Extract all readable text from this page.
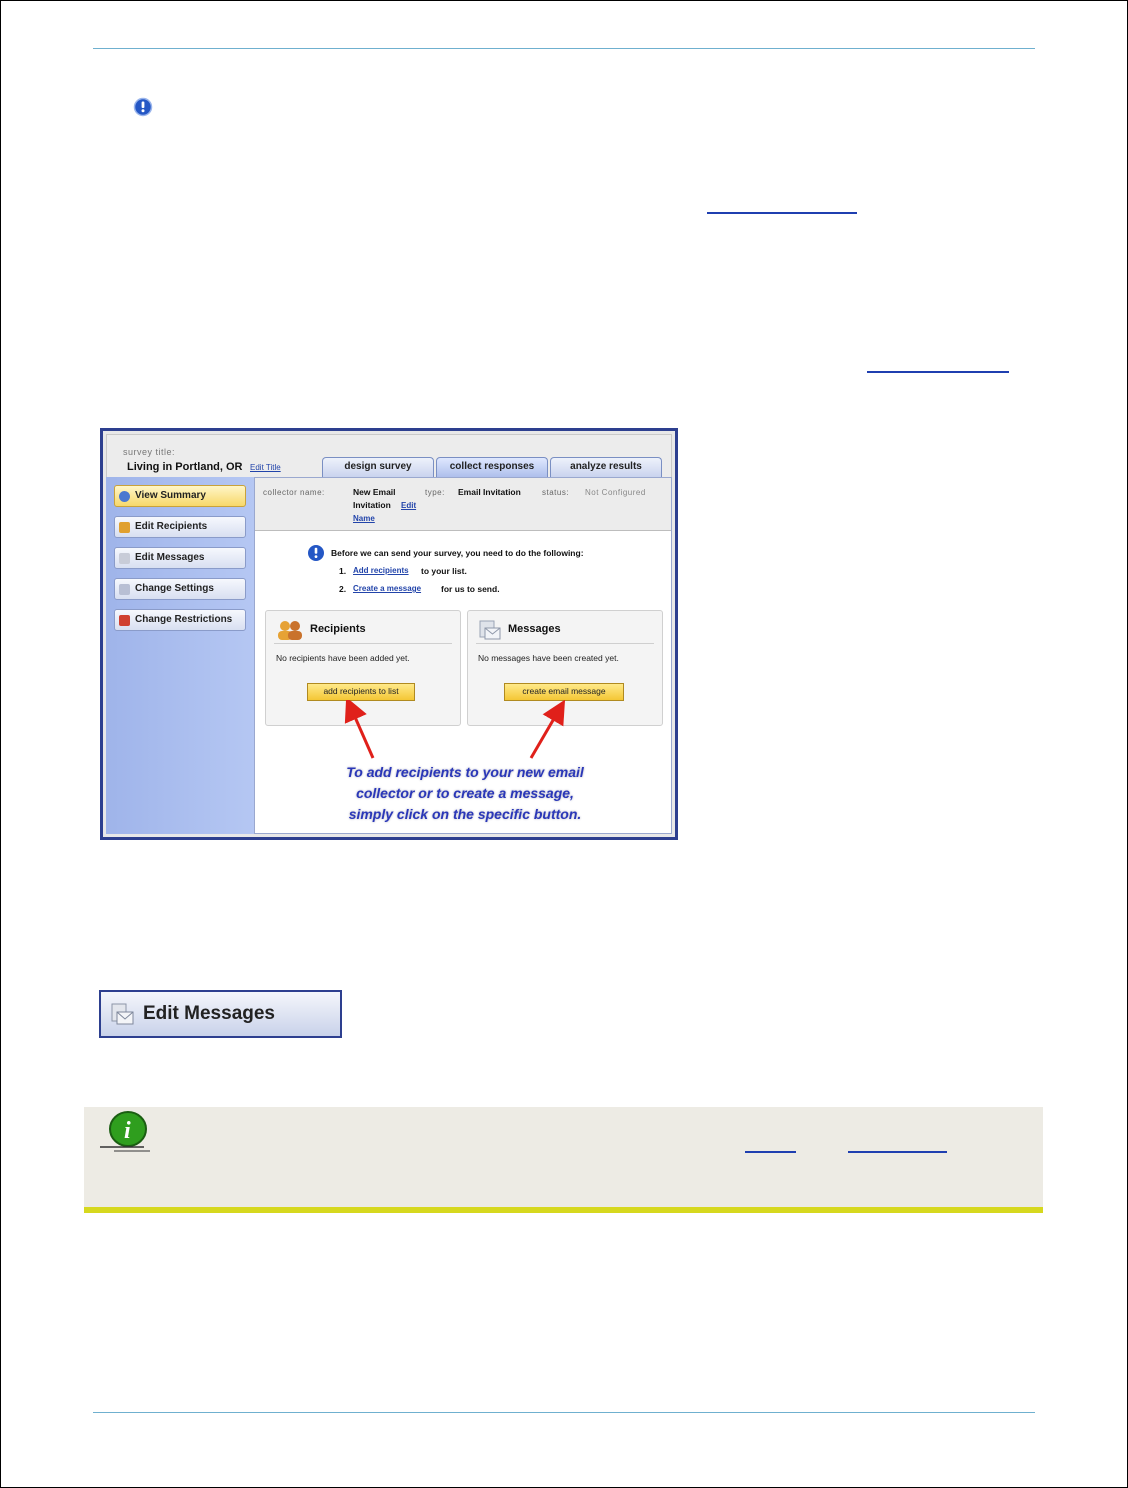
survey title:
Living in Portland, OR Edit Title	design survey	collect responses	analyze results
View Summary
Edit Recipients
Edit Messages
Change Settings
Change Restrictions
collector name:	New Email
Invitation Edit
Name
type: Email Invitation	status: Not Configured
Before we can send your survey, you need to do the following:
1. Add recipients to your list.
2. Create a message for us to send.
Recipients
No recipients have been added yet.
add recipients to list
Messages
No messages have been created yet.
create email message
To add recipients to your new email
collector or to create a message,
simply click on the specific button.
Edit Messages
i
